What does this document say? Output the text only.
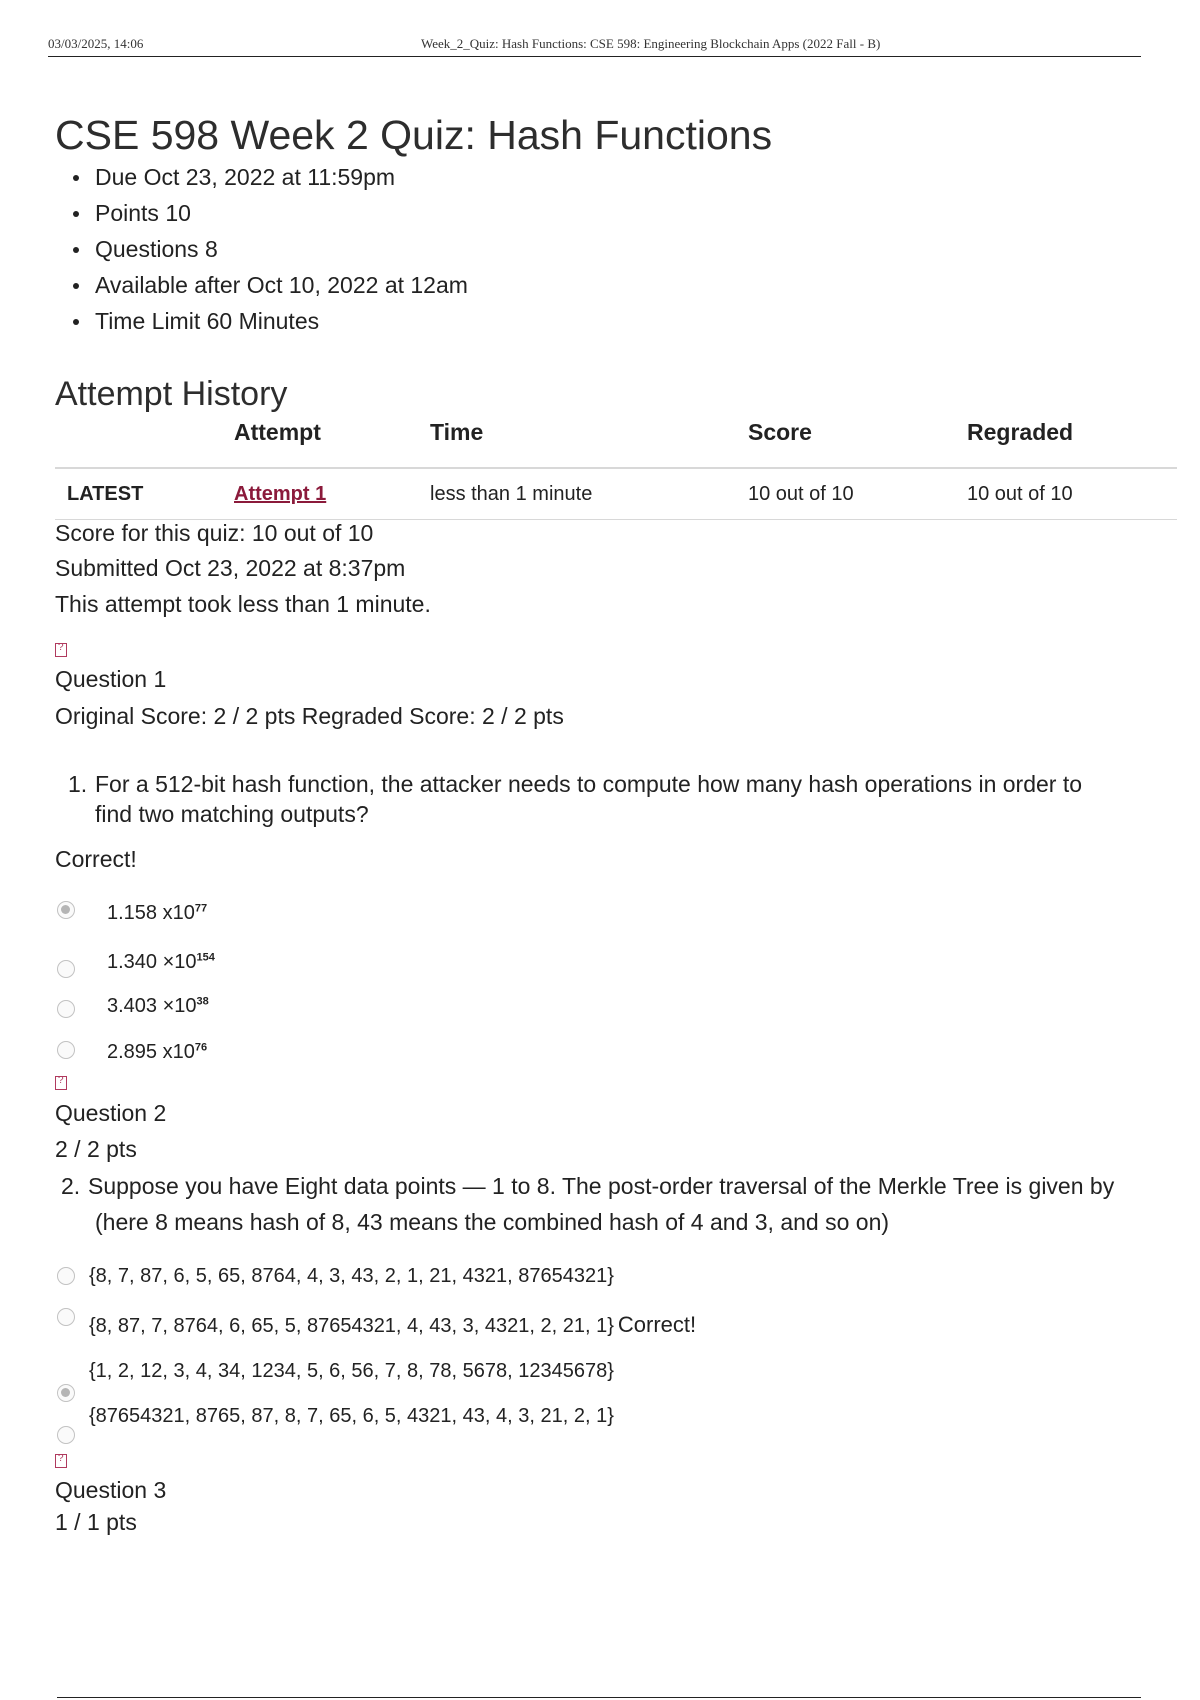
03/03/2025, 14:06	Week_2_Quiz: Hash Functions: CSE 598: Engineering Blockchain Apps (2022 Fall - B)
CSE 598 Week 2 Quiz: Hash Functions
Due Oct 23, 2022 at 11:59pm
Points 10
Questions 8
Available after Oct 10, 2022 at 12am
Time Limit 60 Minutes
Attempt History
	Attempt	Time	Score	Regraded
LATEST	Attempt 1	less than 1 minute	10 out of 10	10 out of 10
Score for this quiz: 10 out of 10
Submitted Oct 23, 2022 at 8:37pm
This attempt took less than 1 minute.
?
Question 1
Original Score: 2 / 2 pts Regraded Score: 2 / 2 pts
1. For a 512-bit hash function, the attacker needs to compute how many hash operations in order to
find two matching outputs?
Correct!
1.158 $x10^{77}$
$1.340 \times 10^{154}$
$3.403 \times 10^{38}$
2.895 $x10^{76}$
?
Question 2
2 / 2 pts
2. Suppose you have Eight data points — 1 to 8. The post-order traversal of the Merkle Tree is given by
(here 8 means hash of 8, 43 means the combined hash of 4 and 3, and so on)
{8, 7, 87, 6, 5, 65, 8764, 4, 3, 43, 2, 1, 21, 4321, 87654321}
{8, 87, 7, 8764, 6, 65, 5, 87654321, 4, 43, 3, 4321, 2, 21, 1} Correct!
{1, 2, 12, 3, 4, 34, 1234, 5, 6, 56, 7, 8, 78, 5678, 12345678}
{87654321, 8765, 87, 8, 7, 65, 6, 5, 4321, 43, 4, 3, 21, 2, 1}
?
Question 3
1 / 1 pts
